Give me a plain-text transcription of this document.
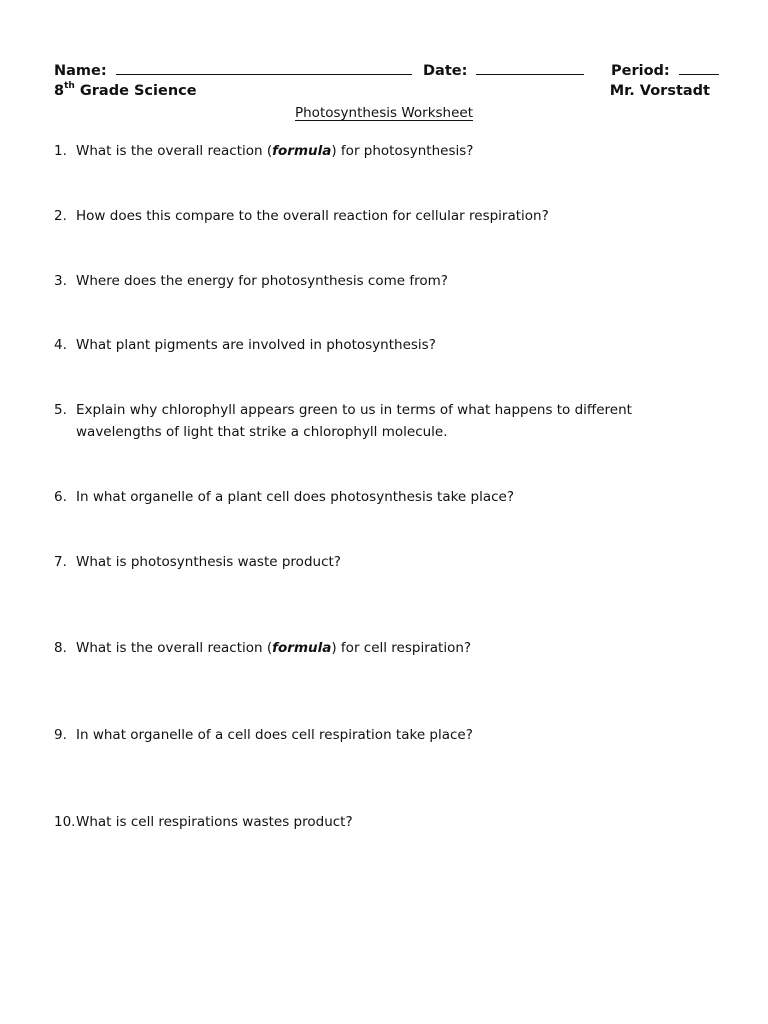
Name:	Date:	Period:
8th Grade Science	Mr. Vorstadt
Photosynthesis Worksheet
1. What is the overall reaction (formula) for photosynthesis?
2. How does this compare to the overall reaction for cellular respiration?
3. Where does the energy for photosynthesis come from?
4. What plant pigments are involved in photosynthesis?
5. Explain why chlorophyll appears green to us in terms of what happens to different
wavelengths of light that strike a chlorophyll molecule.
6. In what organelle of a plant cell does photosynthesis take place?
7. What is photosynthesis waste product?
8. What is the overall reaction (formula) for cell respiration?
9. In what organelle of a cell does cell respiration take place?
10. What is cell respirations wastes product?
